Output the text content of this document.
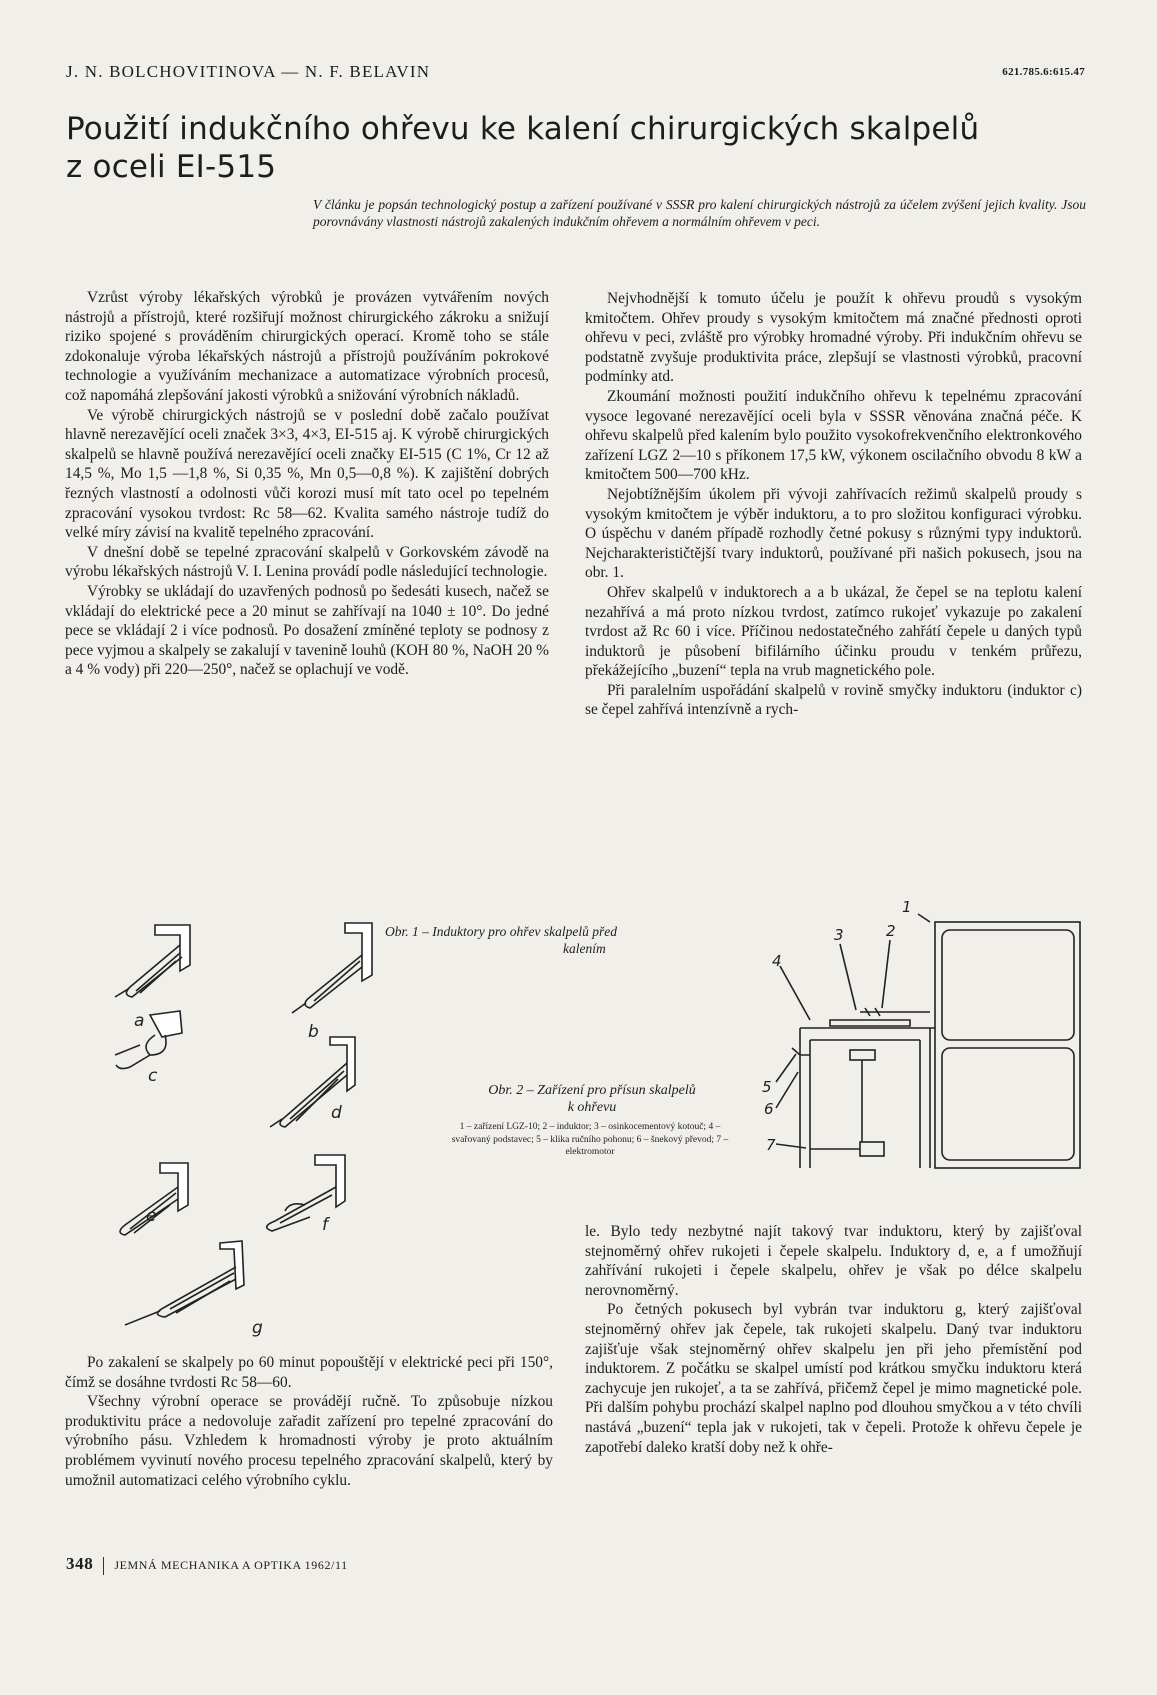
J. N. BOLCHOVITINOVA — N. F. BELAVIN	621.785.6:615.47
Použití indukčního ohřevu ke kalení chirurgických skalpelů
z oceli EI-515
V článku je popsán technologický postup a zařízení používané v SSSR pro kalení chirurgických nástrojů za účelem zvýšení jejich kvality. Jsou porovnávány vlastnosti nástrojů zakalených indukčním ohřevem a normálním ohřevem v peci.

Vzrůst výroby lékařských výrobků je provázen vytvářením nových nástrojů a přístrojů, které rozšiřují možnost chirurgického zákroku a snižují riziko spojené s prováděním chirurgických operací. Kromě toho se stále zdokonaluje výroba lékařských nástrojů a přístrojů používáním pokrokové technologie a využíváním mechanizace a automatizace výrobních procesů, což napomáhá zlepšování jakosti výrobků a snižování výrobních nákladů.

Ve výrobě chirurgických nástrojů se v poslední době začalo používat hlavně nerezavějící oceli značek 3×3, 4×3, EI-515 aj. K výrobě chirurgických skalpelů se hlavně používá nerezavějící oceli značky EI-515 (C 1%, Cr 12 až 14,5 %, Mo 1,5 —1,8 %, Si 0,35 %, Mn 0,5—0,8 %). K zajištění dobrých řezných vlastností a odolnosti vůči korozi musí mít tato ocel po tepelném zpracování vysokou tvrdost: Rc 58—62. Kvalita samého nástroje tudíž do velké míry závisí na kvalitě tepelného zpracování.

V dnešní době se tepelné zpracování skalpelů v Gorkovském závodě na výrobu lékařských nástrojů V. I. Lenina provádí podle následující technologie.

Výrobky se ukládají do uzavřených podnosů po šedesáti kusech, načež se vkládají do elektrické pece a 20 minut se zahřívají na 1040 ± 10°. Do jedné pece se vkládají 2 i více podnosů. Po dosažení zmíněné teploty se podnosy z pece vyjmou a skalpely se zakalují v tavenině louhů (KOH 80 %, NaOH 20 % a 4 % vody) při 220—250°, načež se oplachují ve vodě.

Nejvhodnější k tomuto účelu je použít k ohřevu proudů s vysokým kmitočtem. Ohřev proudy s vysokým kmitočtem má značné přednosti oproti ohřevu v peci, zvláště pro výrobky hromadné výroby. Při indukčním ohřevu se podstatně zvyšuje produktivita práce, zlepšují se vlastnosti výrobků, pracovní podmínky atd.

Zkoumání možnosti použití indukčního ohřevu k tepelnému zpracování vysoce legované nerezavějící oceli byla v SSSR věnována značná péče. K ohřevu skalpelů před kalením bylo použito vysokofrekvenčního elektronkového zařízení LGZ 2—10 s příkonem 17,5 kW, výkonem oscilačního obvodu 8 kW a kmitočtem 500—700 kHz.

Nejobtížnějším úkolem při vývoji zahřívacích režimů skalpelů proudy s vysokým kmitočtem je výběr induktoru, a to pro složitou konfiguraci výrobku. O úspěchu v daném případě rozhodly četné pokusy s různými typy induktorů. Nejcharakterističtější tvary induktorů, používané při našich pokusech, jsou na obr. 1.

Ohřev skalpelů v induktorech a a b ukázal, že čepel se na teplotu kalení nezahřívá a má proto nízkou tvrdost, zatímco rukojeť vykazuje po zakalení tvrdost až Rc 60 i více. Příčinou nedostatečného zahřátí čepele u daných typů induktorů je působení bifilárního účinku proudu v tenkém průřezu, překážejícího „buzení“ tepla na vrub magnetického pole.

Při paralelním uspořádání skalpelů v rovině smyčky induktoru (induktor c) se čepel zahřívá intenzívně a rych-

a
b
c
d
e	f
g
Obr. 1 – Induktory pro ohřev skalpelů před
kalením
Obr. 2 – Zařízení pro přísun skalpelů
k ohřevu
1 – zařízení LGZ-10; 2 – induktor; 3 – osinkocementový kotouč; 4 – svařovaný podstavec; 5 – klika ručního pohonu; 6 – šnekový převod; 7 – elektromotor
1
2
3
4
5
6
7

Po zakalení se skalpely po 60 minut popouštějí v elektrické peci při 150°, čímž se dosáhne tvrdosti Rc 58—60.

Všechny výrobní operace se provádějí ručně. To způsobuje nízkou produktivitu práce a nedovoluje zařadit zařízení pro tepelné zpracování do výrobního pásu. Vzhledem k hromadnosti výroby je proto aktuálním problémem vyvinutí nového procesu tepelného zpracování skalpelů, který by umožnil automatizaci celého výrobního cyklu.

le. Bylo tedy nezbytné najít takový tvar induktoru, který by zajišťoval stejnoměrný ohřev rukojeti i čepele skalpelu. Induktory d, e, a f umožňují zahřívání rukojeti i čepele skalpelu, ohřev je však po délce skalpelu nerovnoměrný.

Po četných pokusech byl vybrán tvar induktoru g, který zajišťoval stejnoměrný ohřev jak čepele, tak rukojeti skalpelu. Daný tvar induktoru zajišťuje však stejnoměrný ohřev skalpelu jen při jeho přemístění pod induktorem. Z počátku se skalpel umístí pod krátkou smyčku induktoru která zachycuje jen rukojeť, a ta se zahřívá, přičemž čepel je mimo magnetické pole. Při dalším pohybu prochází skalpel naplno pod dlouhou smyčkou a v této chvíli nastává „buzení“ tepla jak v rukojeti, tak v čepeli. Protože k ohřevu čepele je zapotřebí daleko kratší doby než k ohře-

348 JEMNÁ MECHANIKA A OPTIKA 1962/11
